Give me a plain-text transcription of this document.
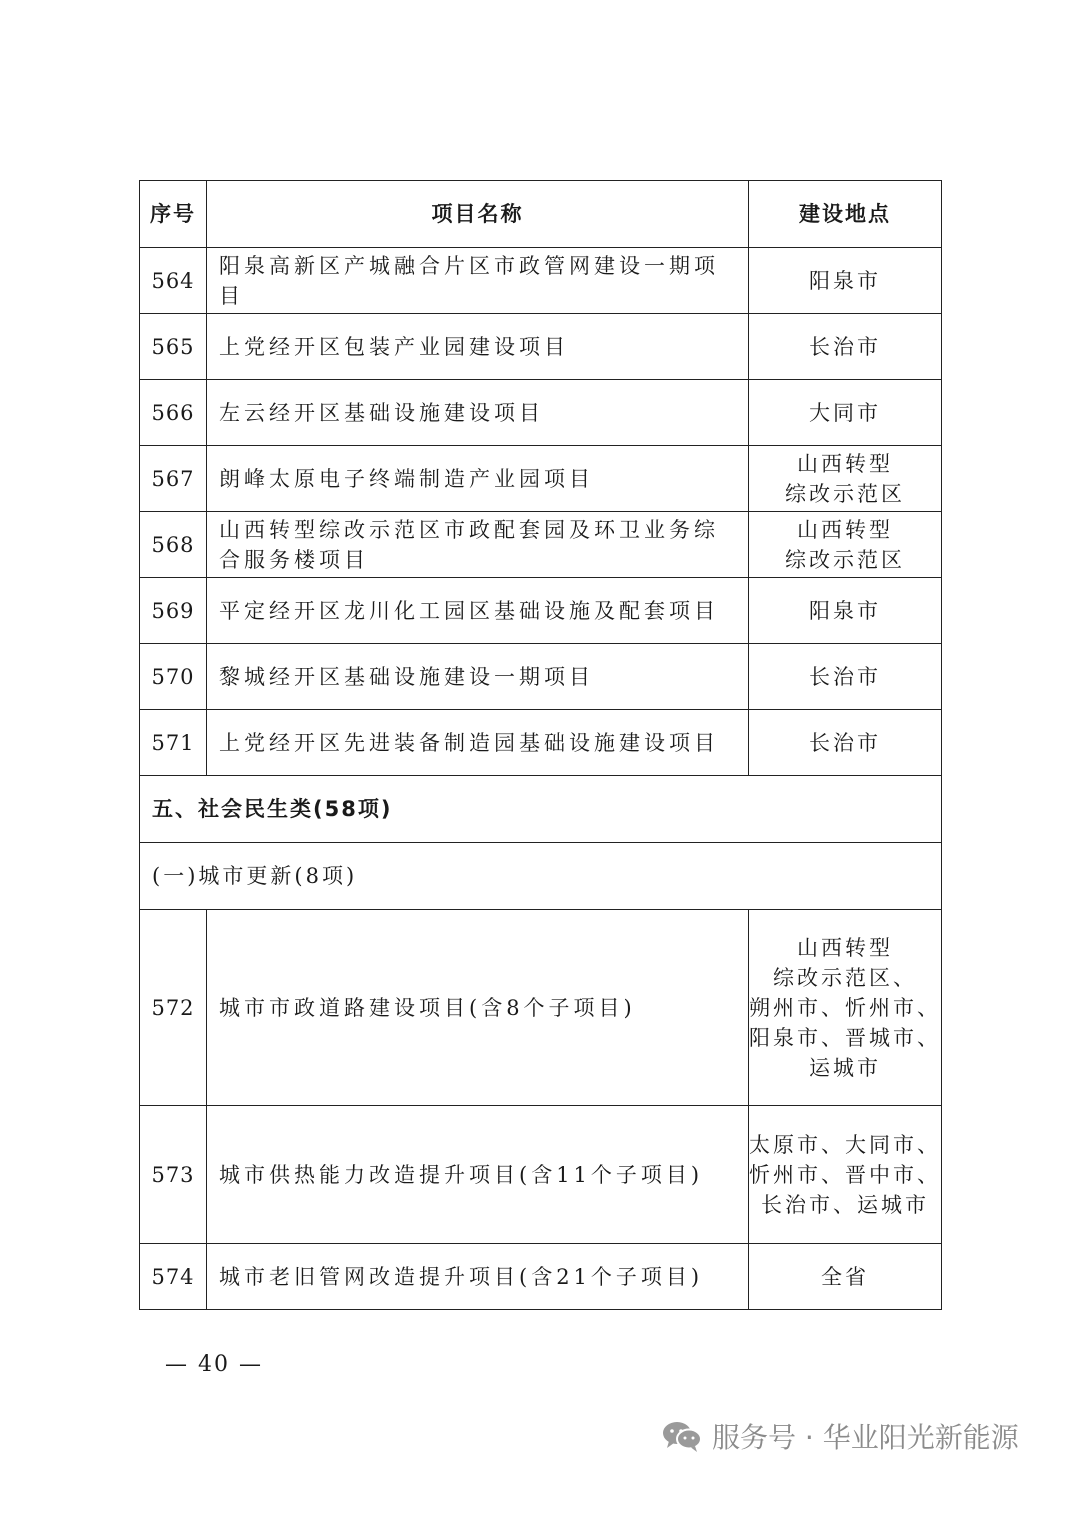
序号	项目名称	建设地点
564	阳泉高新区产城融合片区市政管网建设一期项目	阳泉市

565	上党经开区包装产业园建设项目	长治市

566	左云经开区基础设施建设项目	大同市

567	朗峰太原电子终端制造产业园项目	山西转型
综改示范区

568	山西转型综改示范区市政配套园及环卫业务综合服务楼项目	山西转型
综改示范区

569	平定经开区龙川化工园区基础设施及配套项目	阳泉市

570	黎城经开区基础设施建设一期项目	长治市

571	上党经开区先进装备制造园基础设施建设项目	长治市

五、社会民生类(58项)		
(一)城市更新(8项)		
572	城市市政道路建设项目(含8个子项目)	山西转型
综改示范区、
朔州市、忻州市、
阳泉市、晋城市、
运城市

573	城市供热能力改造提升项目(含11个子项目)	太原市、大同市、
忻州市、晋中市、
长治市、运城市

574	城市老旧管网改造提升项目(含21个子项目)	全省
— 40 —
服务号 · 华业阳光新能源
